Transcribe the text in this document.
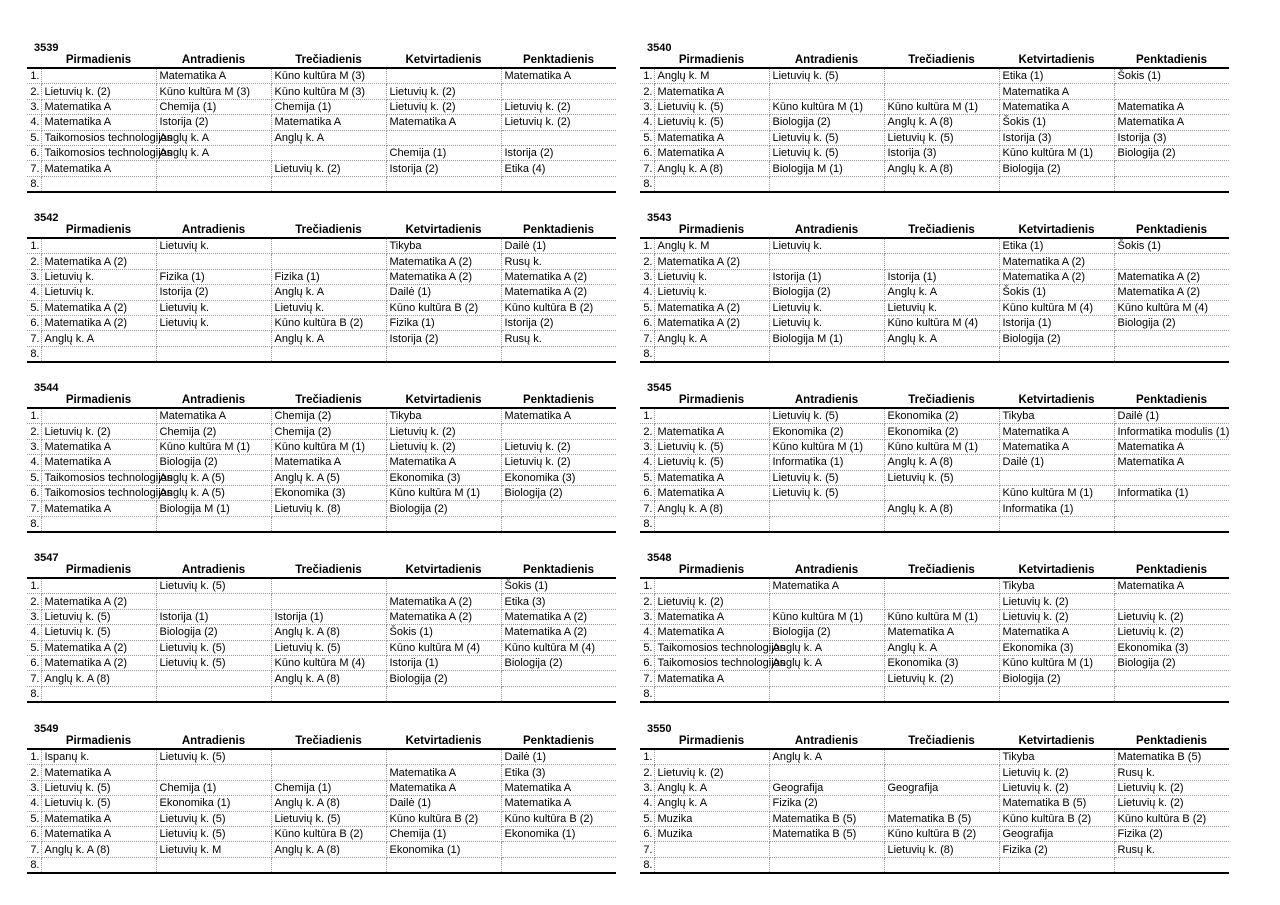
3539
	Pirmadienis	Antradienis	Trečiadienis	Ketvirtadienis	Penktadienis
1.		Matematika A	Kūno kultūra M (3)		Matematika A
2.	Lietuvių k. (2)	Kūno kultūra M (3)	Kūno kultūra M (3)	Lietuvių k. (2)	
3.	Matematika A	Chemija (1)	Chemija (1)	Lietuvių k. (2)	Lietuvių k. (2)
4.	Matematika A	Istorija (2)	Matematika A	Matematika A	Lietuvių k. (2)
5.	Taikomosios technologijos	Anglų k. A	Anglų k. A		
6.	Taikomosios technologijos	Anglų k. A		Chemija (1)	Istorija (2)
7.	Matematika A		Lietuvių k. (2)	Istorija (2)	Etika (4)
8.					
3540
	Pirmadienis	Antradienis	Trečiadienis	Ketvirtadienis	Penktadienis
1.	Anglų k. M	Lietuvių k. (5)		Etika (1)	Šokis (1)
2.	Matematika A			Matematika A	
3.	Lietuvių k. (5)	Kūno kultūra M (1)	Kūno kultūra M (1)	Matematika A	Matematika A
4.	Lietuvių k. (5)	Biologija (2)	Anglų k. A (8)	Šokis (1)	Matematika A
5.	Matematika A	Lietuvių k. (5)	Lietuvių k. (5)	Istorija (3)	Istorija (3)
6.	Matematika A	Lietuvių k. (5)	Istorija (3)	Kūno kultūra M (1)	Biologija (2)
7.	Anglų k. A (8)	Biologija M (1)	Anglų k. A (8)	Biologija (2)	
8.					
3542
	Pirmadienis	Antradienis	Trečiadienis	Ketvirtadienis	Penktadienis
1.		Lietuvių k.		Tikyba	Dailė (1)
2.	Matematika A (2)			Matematika A (2)	Rusų k.
3.	Lietuvių k.	Fizika (1)	Fizika (1)	Matematika A (2)	Matematika A (2)
4.	Lietuvių k.	Istorija (2)	Anglų k. A	Dailė (1)	Matematika A (2)
5.	Matematika A (2)	Lietuvių k.	Lietuvių k.	Kūno kultūra B (2)	Kūno kultūra B (2)
6.	Matematika A (2)	Lietuvių k.	Kūno kultūra B (2)	Fizika (1)	Istorija (2)
7.	Anglų k. A		Anglų k. A	Istorija (2)	Rusų k.
8.					
3543
	Pirmadienis	Antradienis	Trečiadienis	Ketvirtadienis	Penktadienis
1.	Anglų k. M	Lietuvių k.		Etika (1)	Šokis (1)
2.	Matematika A (2)			Matematika A (2)	
3.	Lietuvių k.	Istorija (1)	Istorija (1)	Matematika A (2)	Matematika A (2)
4.	Lietuvių k.	Biologija (2)	Anglų k. A	Šokis (1)	Matematika A (2)
5.	Matematika A (2)	Lietuvių k.	Lietuvių k.	Kūno kultūra M (4)	Kūno kultūra M (4)
6.	Matematika A (2)	Lietuvių k.	Kūno kultūra M (4)	Istorija (1)	Biologija (2)
7.	Anglų k. A	Biologija M (1)	Anglų k. A	Biologija (2)	
8.					
3544
	Pirmadienis	Antradienis	Trečiadienis	Ketvirtadienis	Penktadienis
1.		Matematika A	Chemija (2)	Tikyba	Matematika A
2.	Lietuvių k. (2)	Chemija (2)	Chemija (2)	Lietuvių k. (2)	
3.	Matematika A	Kūno kultūra M (1)	Kūno kultūra M (1)	Lietuvių k. (2)	Lietuvių k. (2)
4.	Matematika A	Biologija (2)	Matematika A	Matematika A	Lietuvių k. (2)
5.	Taikomosios technologijos	Anglų k. A (5)	Anglų k. A (5)	Ekonomika (3)	Ekonomika (3)
6.	Taikomosios technologijos	Anglų k. A (5)	Ekonomika (3)	Kūno kultūra M (1)	Biologija (2)
7.	Matematika A	Biologija M (1)	Lietuvių k. (8)	Biologija (2)	
8.					
3545
	Pirmadienis	Antradienis	Trečiadienis	Ketvirtadienis	Penktadienis
1.		Lietuvių k. (5)	Ekonomika (2)	Tikyba	Dailė (1)
2.	Matematika A	Ekonomika (2)	Ekonomika (2)	Matematika A	Informatika modulis (1)
3.	Lietuvių k. (5)	Kūno kultūra M (1)	Kūno kultūra M (1)	Matematika A	Matematika A
4.	Lietuvių k. (5)	Informatika (1)	Anglų k. A (8)	Dailė (1)	Matematika A
5.	Matematika A	Lietuvių k. (5)	Lietuvių k. (5)		
6.	Matematika A	Lietuvių k. (5)		Kūno kultūra M (1)	Informatika (1)
7.	Anglų k. A (8)		Anglų k. A (8)	Informatika (1)	
8.					
3547
	Pirmadienis	Antradienis	Trečiadienis	Ketvirtadienis	Penktadienis
1.		Lietuvių k. (5)			Šokis (1)
2.	Matematika A (2)			Matematika A (2)	Etika (3)
3.	Lietuvių k. (5)	Istorija (1)	Istorija (1)	Matematika A (2)	Matematika A (2)
4.	Lietuvių k. (5)	Biologija (2)	Anglų k. A (8)	Šokis (1)	Matematika A (2)
5.	Matematika A (2)	Lietuvių k. (5)	Lietuvių k. (5)	Kūno kultūra M (4)	Kūno kultūra M (4)
6.	Matematika A (2)	Lietuvių k. (5)	Kūno kultūra M (4)	Istorija (1)	Biologija (2)
7.	Anglų k. A (8)		Anglų k. A (8)	Biologija (2)	
8.					
3548
	Pirmadienis	Antradienis	Trečiadienis	Ketvirtadienis	Penktadienis
1.		Matematika A		Tikyba	Matematika A
2.	Lietuvių k. (2)			Lietuvių k. (2)	
3.	Matematika A	Kūno kultūra M (1)	Kūno kultūra M (1)	Lietuvių k. (2)	Lietuvių k. (2)
4.	Matematika A	Biologija (2)	Matematika A	Matematika A	Lietuvių k. (2)
5.	Taikomosios technologijos	Anglų k. A	Anglų k. A	Ekonomika (3)	Ekonomika (3)
6.	Taikomosios technologijos	Anglų k. A	Ekonomika (3)	Kūno kultūra M (1)	Biologija (2)
7.	Matematika A		Lietuvių k. (2)	Biologija (2)	
8.					
3549
	Pirmadienis	Antradienis	Trečiadienis	Ketvirtadienis	Penktadienis
1.	Ispanų k.	Lietuvių k. (5)			Dailė (1)
2.	Matematika A			Matematika A	Etika (3)
3.	Lietuvių k. (5)	Chemija (1)	Chemija (1)	Matematika A	Matematika A
4.	Lietuvių k. (5)	Ekonomika (1)	Anglų k. A (8)	Dailė (1)	Matematika A
5.	Matematika A	Lietuvių k. (5)	Lietuvių k. (5)	Kūno kultūra B (2)	Kūno kultūra B (2)
6.	Matematika A	Lietuvių k. (5)	Kūno kultūra B (2)	Chemija (1)	Ekonomika (1)
7.	Anglų k. A (8)	Lietuvių k. M	Anglų k. A (8)	Ekonomika (1)	
8.					
3550
	Pirmadienis	Antradienis	Trečiadienis	Ketvirtadienis	Penktadienis
1.		Anglų k. A		Tikyba	Matematika B (5)
2.	Lietuvių k. (2)			Lietuvių k. (2)	Rusų k.
3.	Anglų k. A	Geografija	Geografija	Lietuvių k. (2)	Lietuvių k. (2)
4.	Anglų k. A	Fizika (2)		Matematika B (5)	Lietuvių k. (2)
5.	Muzika	Matematika B (5)	Matematika B (5)	Kūno kultūra B (2)	Kūno kultūra B (2)
6.	Muzika	Matematika B (5)	Kūno kultūra B (2)	Geografija	Fizika (2)
7.			Lietuvių k. (8)	Fizika (2)	Rusų k.
8.					
